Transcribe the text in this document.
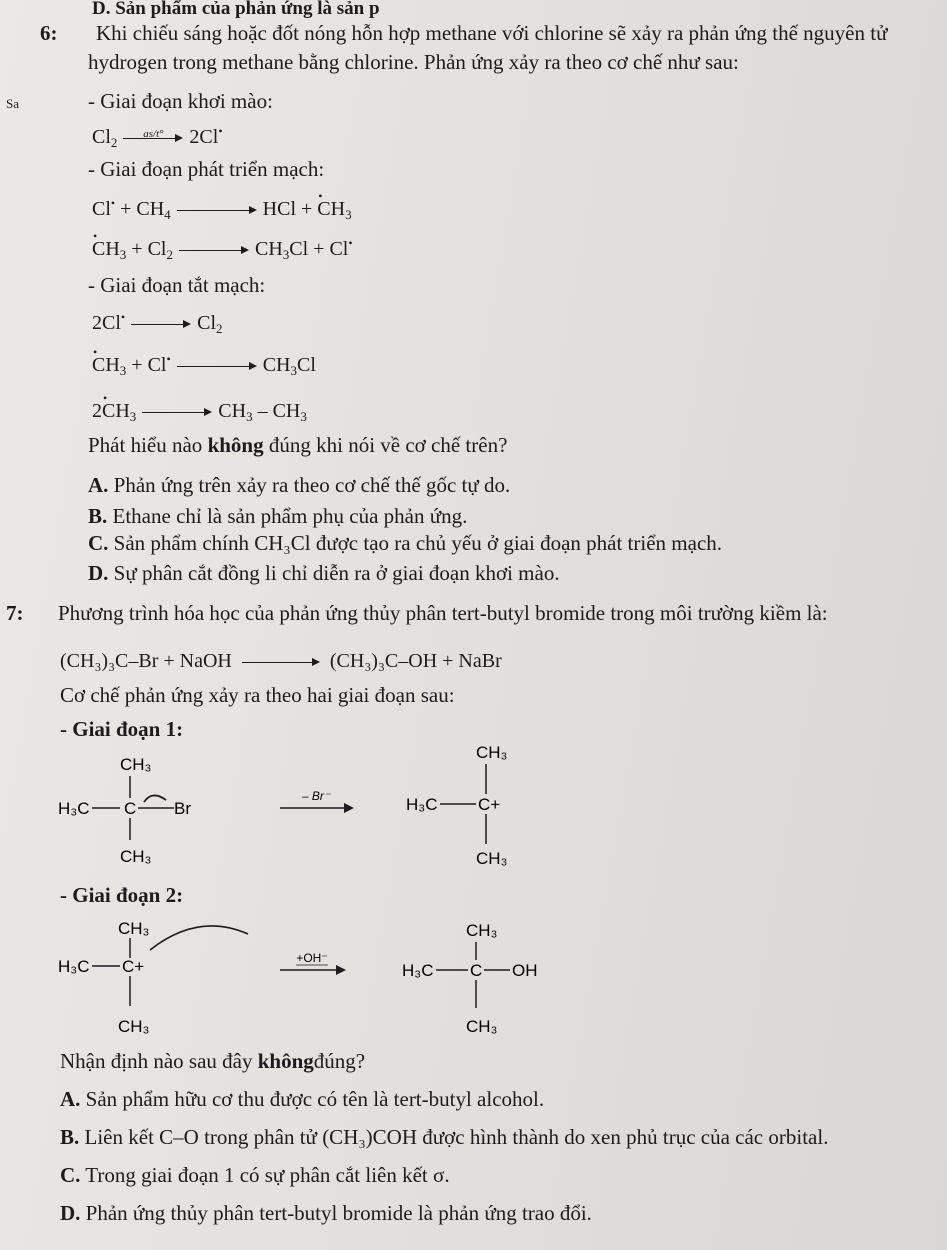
D. Sản phẩm của phản ứng là sản p
6: Khi chiếu sáng hoặc đốt nóng hỗn hợp methane với chlorine sẽ xảy ra phản ứng thế nguyên tử
hydrogen trong methane bằng chlorine. Phản ứng xảy ra theo cơ chế như sau:
Sa	- Giai đoạn khơi mào:
$Cl_2$
as/t°	2Cl•
- Giai đoạn phát triển mạch:
$Cl^• + CH_4$	HCl + • $CH_3$
• $CH_3 + Cl_2$	$CH_3Cl + Cl^•$
- Giai đoạn tắt mạch:
2Cl•	$Cl_2$
• $CH_3 + Cl^•$	$CH_3Cl$
2• $CH_3$	$CH_3 - CH_3$
Phát hiểu nào không đúng khi nói về cơ chế trên?
A. Phản ứng trên xảy ra theo cơ chế thế gốc tự do.
B. Ethane chỉ là sản phẩm phụ của phản ứng.
C. Sản phẩm chính CH₃Cl được tạo ra chủ yếu ở giai đoạn phát triển mạch.
D. Sự phân cắt đồng li chỉ diễn ra ở giai đoạn khơi mào.
7: Phương trình hóa học của phản ứng thủy phân tert-butyl bromide trong môi trường kiềm là:
(CH₃)₃C–Br + NaOH	(CH₃)₃C–OH + NaBr
Cơ chế phản ứng xảy ra theo hai giai đoạn sau:
- Giai đoạn 1:
CH₃
H₃C C Br
CH₃
– Br⁻
CH₃
H₃C C+
CH₃
- Giai đoạn 2:
CH₃
H₃C C+
CH₃
+OH⁻
CH₃
H₃C C OH
CH₃
Nhận định nào sau đây khôngđúng?
A. Sản phẩm hữu cơ thu được có tên là tert-butyl alcohol.
B. Liên kết C–O trong phân tử (CH₃)COH được hình thành do xen phủ trục của các orbital.
C. Trong giai đoạn 1 có sự phân cắt liên kết σ.
D. Phản ứng thủy phân tert-butyl bromide là phản ứng trao đổi.
